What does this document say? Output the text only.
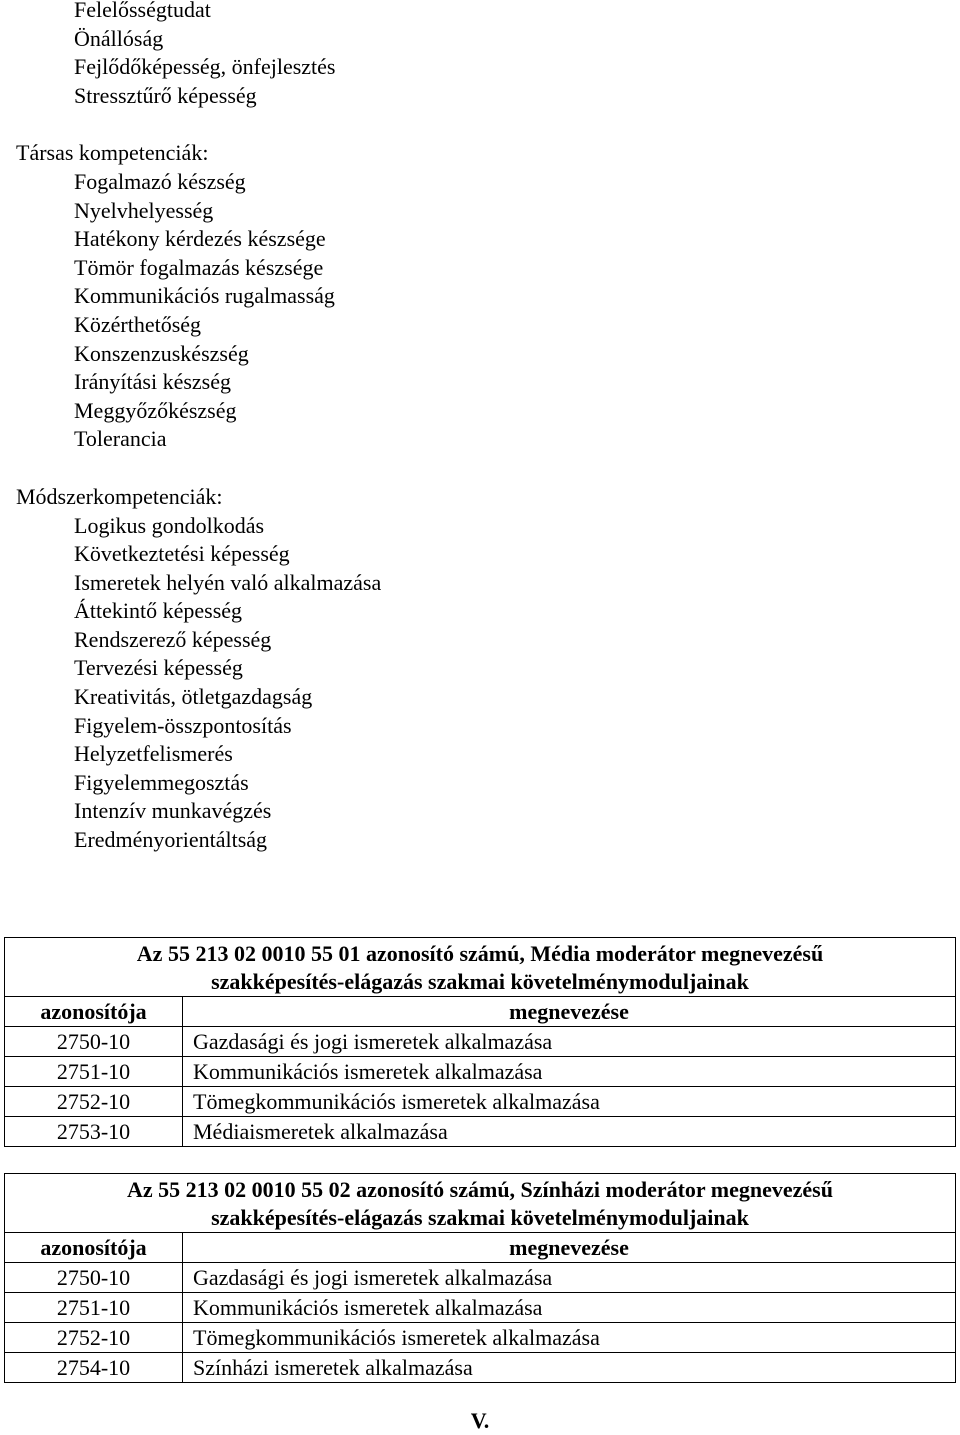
Felelősségtudat

Önállóság

Fejlődőképesség, önfejlesztés

Stressztűrő képesség

Társas kompetenciák:

Fogalmazó készség

Nyelvhelyesség

Hatékony kérdezés készsége

Tömör fogalmazás készsége

Kommunikációs rugalmasság

Közérthetőség

Konszenzuskészség

Irányítási készség

Meggyőzőkészség

Tolerancia

Módszerkompetenciák:

Logikus gondolkodás

Következtetési képesség

Ismeretek helyén való alkalmazása

Áttekintő képesség

Rendszerező képesség

Tervezési képesség

Kreativitás, ötletgazdagság

Figyelem-összpontosítás

Helyzetfelismerés

Figyelemmegosztás

Intenzív munkavégzés

Eredményorientáltság

Az 55 213 02 0010 55 01 azonosító számú, Média moderátor megnevezésű
szakképesítés-elágazás szakmai követelménymoduljainak	

azonosítója	megnevezése
2750-10	Gazdasági és jogi ismeretek alkalmazása
2751-10	Kommunikációs ismeretek alkalmazása
2752-10	Tömegkommunikációs ismeretek alkalmazása
2753-10	Médiaismeretek alkalmazása
Az 55 213 02 0010 55 02 azonosító számú, Színházi moderátor megnevezésű
szakképesítés-elágazás szakmai követelménymoduljainak	

azonosítója	megnevezése
2750-10	Gazdasági és jogi ismeretek alkalmazása
2751-10	Kommunikációs ismeretek alkalmazása
2752-10	Tömegkommunikációs ismeretek alkalmazása
2754-10	Színházi ismeretek alkalmazása
V.
